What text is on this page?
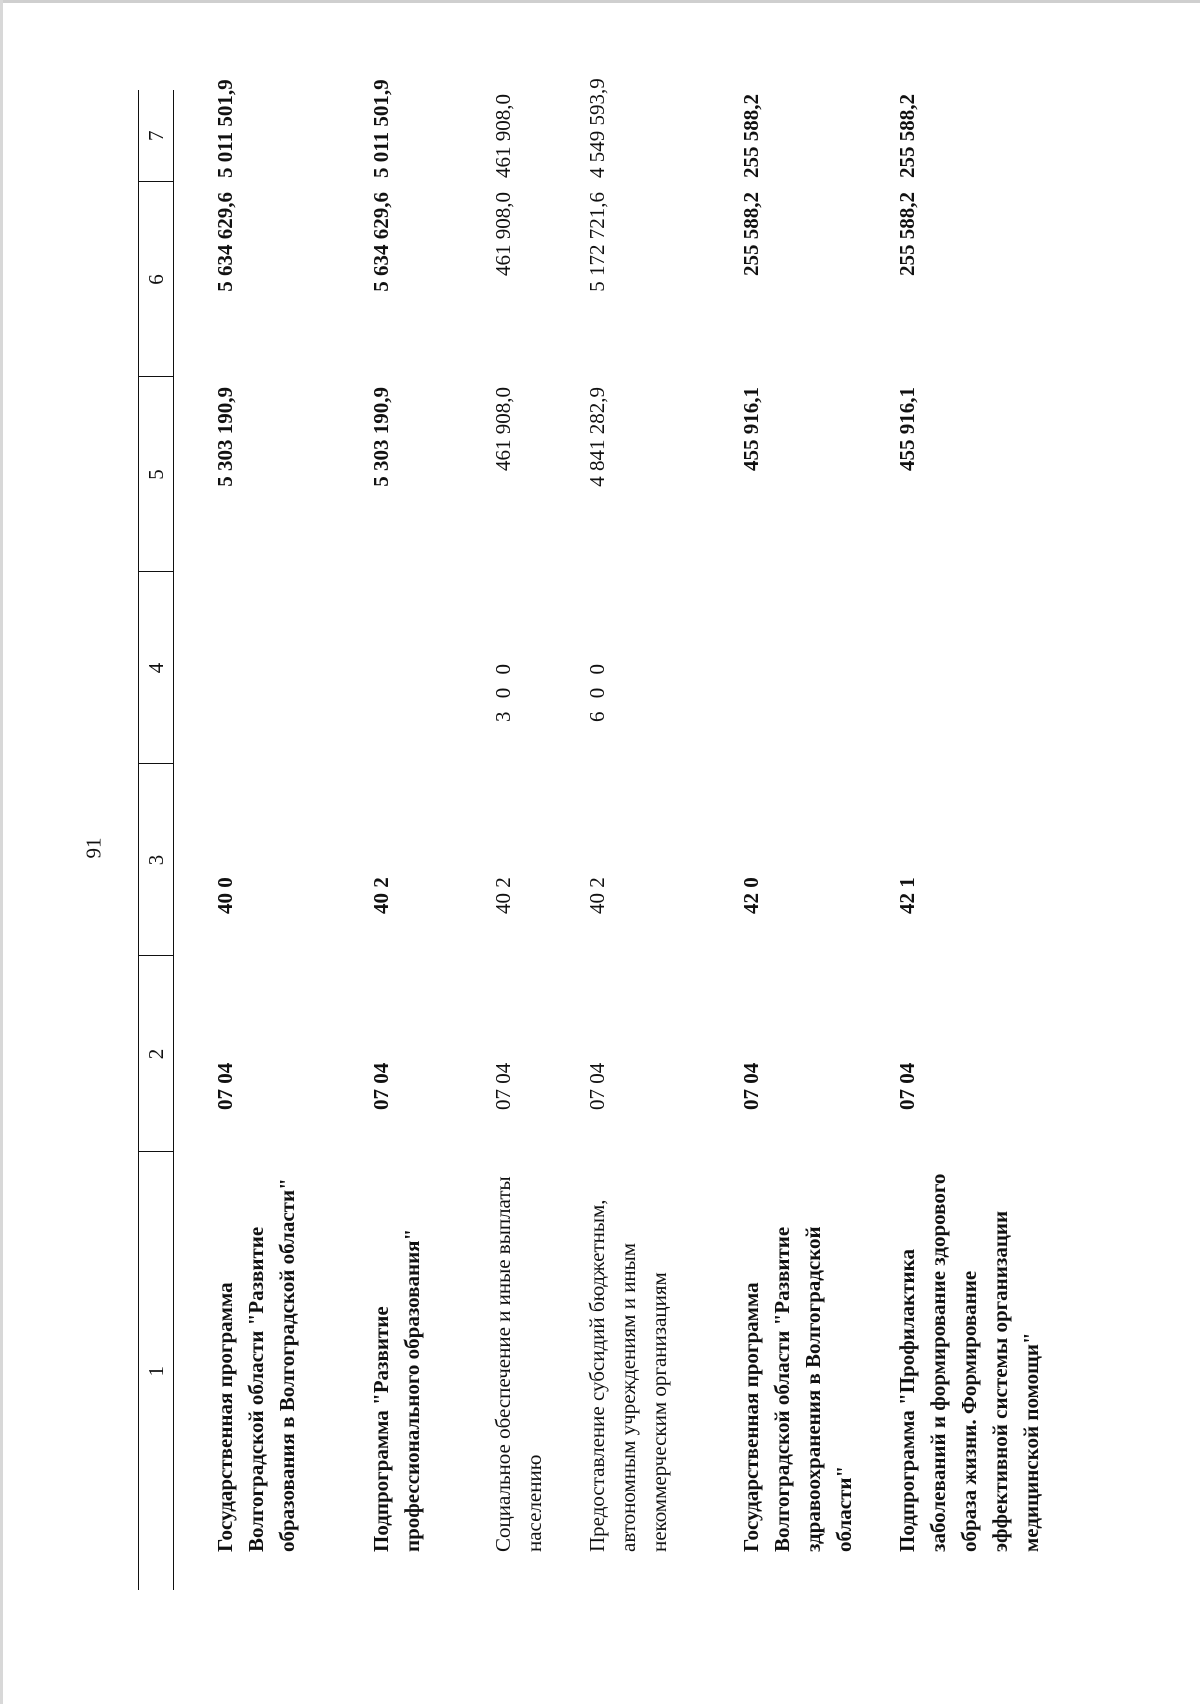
91
1	2	3	4	5	6	7

Государственная программа Волгоградской области "Развитие образования в Волгоградской области"	07 04	40 0		5 303 190,9	5 634 629,6	5 011 501,9
Подпрограмма "Развитие профессионального образования"	07 04	40 2		5 303 190,9	5 634 629,6	5 011 501,9
Социальное обеспечение и иные выплаты населению	07 04	40 2	3 0 0	461 908,0	461 908,0	461 908,0
Предоставление субсидий бюджетным, автономным учреждениям и иным некоммерческим организациям	07 04	40 2	6 0 0	4 841 282,9	5 172 721,6	4 549 593,9
Государственная программа Волгоградской области "Развитие здравоохранения в Волгоградской области"	07 04	42 0		455 916,1	255 588,2	255 588,2
Подпрограмма "Профилактика заболеваний и формирование здорового образа жизни. Формирование эффективной системы организации медицинской помощи"	07 04	42 1		455 916,1	255 588,2	255 588,2
